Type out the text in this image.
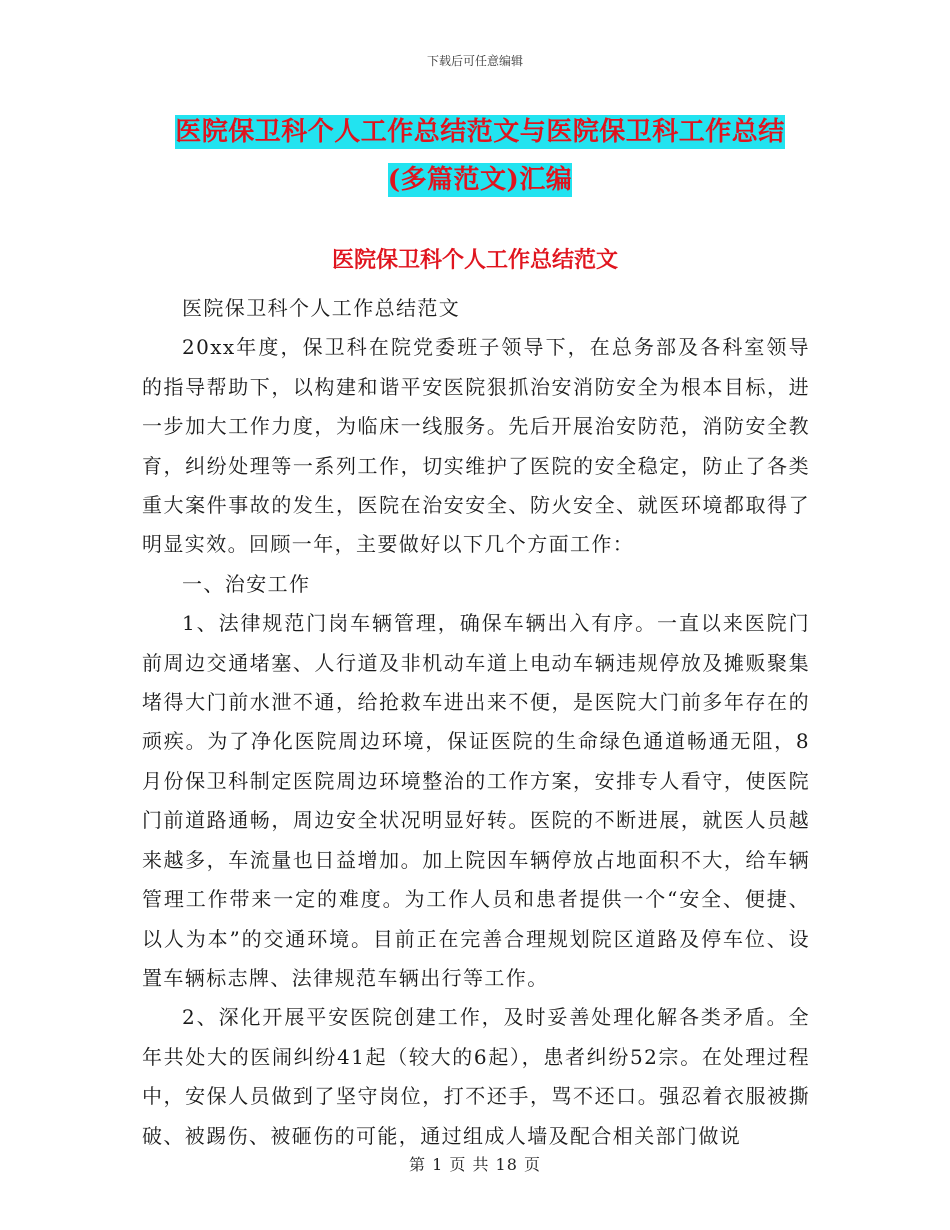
下载后可任意编辑
医院保卫科个人工作总结范文与医院保卫科工作总结
(多篇范文)汇编
医院保卫科个人工作总结范文

医院保卫科个人工作总结范文

20xx年度，保卫科在院党委班子领导下，在总务部及各科室领导的指导帮助下，以构建和谐平安医院狠抓治安消防安全为根本目标，进一步加大工作力度，为临床一线服务。先后开展治安防范，消防安全教育，纠纷处理等一系列工作，切实维护了医院的安全稳定，防止了各类重大案件事故的发生，医院在治安安全、防火安全、就医环境都取得了明显实效。回顾一年，主要做好以下几个方面工作：

一、治安工作

1、法律规范门岗车辆管理，确保车辆出入有序。一直以来医院门前周边交通堵塞、人行道及非机动车道上电动车辆违规停放及摊贩聚集堵得大门前水泄不通，给抢救车进出来不便，是医院大门前多年存在的顽疾。为了净化医院周边环境，保证医院的生命绿色通道畅通无阻，8月份保卫科制定医院周边环境整治的工作方案，安排专人看守，使医院门前道路通畅，周边安全状况明显好转。医院的不断进展，就医人员越来越多，车流量也日益增加。加上院因车辆停放占地面积不大，给车辆管理工作带来一定的难度。为工作人员和患者提供一个“安全、便捷、以人为本”的交通环境。目前正在完善合理规划院区道路及停车位、设置车辆标志牌、法律规范车辆出行等工作。

2、深化开展平安医院创建工作，及时妥善处理化解各类矛盾。全年共处大的医闹纠纷41起（较大的6起），患者纠纷52宗。在处理过程中，安保人员做到了坚守岗位，打不还手，骂不还口。强忍着衣服被撕破、被踢伤、被砸伤的可能，通过组成人墙及配合相关部门做说

第 1 页 共 18 页
